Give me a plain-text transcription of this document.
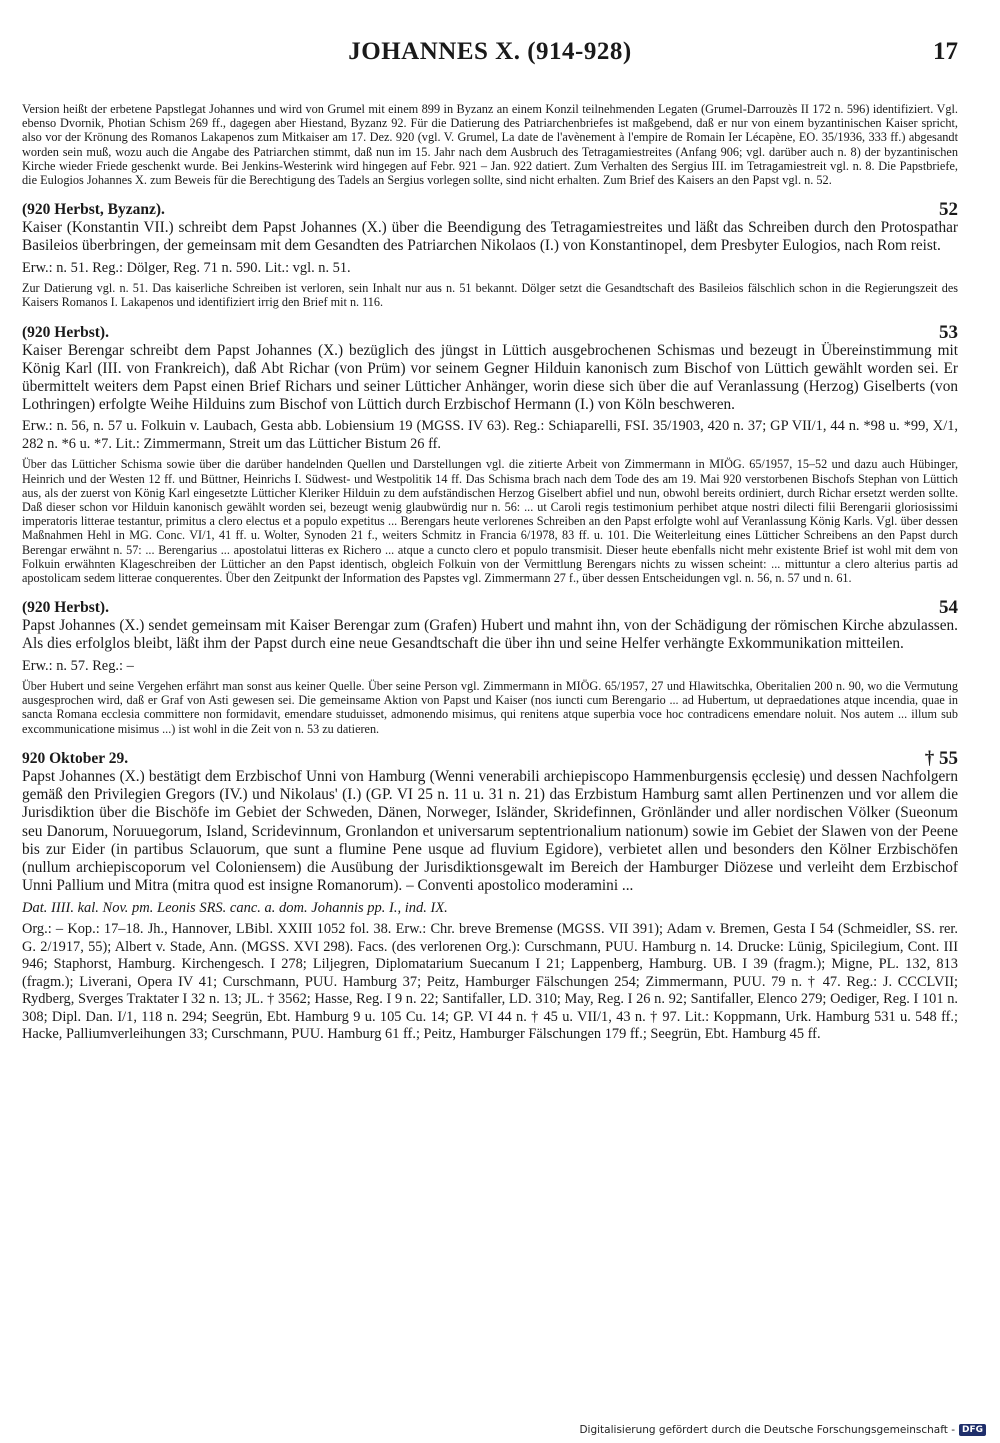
JOHANNES X. (914-928)	17
Version heißt der erbetene Papstlegat Johannes und wird von Grumel mit einem 899 in Byzanz an einem Konzil teilnehmenden Legaten (Grumel-Darrouzès II 172 n. 596) identifiziert. Vgl. ebenso Dvornik, Photian Schism 269 ff., dagegen aber Hiestand, Byzanz 92. Für die Datierung des Patriarchenbriefes ist maßgebend, daß er nur von einem byzantinischen Kaiser spricht, also vor der Krönung des Romanos Lakapenos zum Mitkaiser am 17. Dez. 920 (vgl. V. Grumel, La date de l'avènement à l'empire de Romain Ier Lécapène, EO. 35/1936, 333 ff.) abgesandt worden sein muß, wozu auch die Angabe des Patriarchen stimmt, daß nun im 15. Jahr nach dem Ausbruch des Tetragamiestreites (Anfang 906; vgl. darüber auch n. 8) der byzantinischen Kirche wieder Friede geschenkt wurde. Bei Jenkins-Westerink wird hingegen auf Febr. 921 – Jan. 922 datiert. Zum Verhalten des Sergius III. im Tetragamiestreit vgl. n. 8. Die Papstbriefe, die Eulogios Johannes X. zum Beweis für die Berechtigung des Tadels an Sergius vorlegen sollte, sind nicht erhalten. Zum Brief des Kaisers an den Papst vgl. n. 52.
(920 Herbst, Byzanz).	52
Kaiser (Konstantin VII.) schreibt dem Papst Johannes (X.) über die Beendigung des Tetragamiestreites und läßt das Schreiben durch den Protospathar Basileios überbringen, der gemeinsam mit dem Gesandten des Patriarchen Nikolaos (I.) von Konstantinopel, dem Presbyter Eulogios, nach Rom reist.
Erw.: n. 51. Reg.: Dölger, Reg. 71 n. 590. Lit.: vgl. n. 51.
Zur Datierung vgl. n. 51. Das kaiserliche Schreiben ist verloren, sein Inhalt nur aus n. 51 bekannt. Dölger setzt die Gesandtschaft des Basileios fälschlich schon in die Regierungszeit des Kaisers Romanos I. Lakapenos und identifiziert irrig den Brief mit n. 116.
(920 Herbst).	53
Kaiser Berengar schreibt dem Papst Johannes (X.) bezüglich des jüngst in Lüttich ausgebrochenen Schismas und bezeugt in Übereinstimmung mit König Karl (III. von Frankreich), daß Abt Richar (von Prüm) vor seinem Gegner Hilduin kanonisch zum Bischof von Lüttich gewählt worden sei. Er übermittelt weiters dem Papst einen Brief Richars und seiner Lütticher Anhänger, worin diese sich über die auf Veranlassung (Herzog) Giselberts (von Lothringen) erfolgte Weihe Hilduins zum Bischof von Lüttich durch Erzbischof Hermann (I.) von Köln beschweren.
Erw.: n. 56, n. 57 u. Folkuin v. Laubach, Gesta abb. Lobiensium 19 (MGSS. IV 63). Reg.: Schiaparelli, FSI. 35/1903, 420 n. 37; GP VII/1, 44 n. *98 u. *99, X/1, 282 n. *6 u. *7. Lit.: Zimmermann, Streit um das Lütticher Bistum 26 ff.
Über das Lütticher Schisma sowie über die darüber handelnden Quellen und Darstellungen vgl. die zitierte Arbeit von Zimmermann in MIÖG. 65/1957, 15–52 und dazu auch Hübinger, Heinrich und der Westen 12 ff. und Büttner, Heinrichs I. Südwest- und Westpolitik 14 ff. Das Schisma brach nach dem Tode des am 19. Mai 920 verstorbenen Bischofs Stephan von Lüttich aus, als der zuerst von König Karl eingesetzte Lütticher Kleriker Hilduin zu dem aufständischen Herzog Giselbert abfiel und nun, obwohl bereits ordiniert, durch Richar ersetzt werden sollte. Daß dieser schon vor Hilduin kanonisch gewählt worden sei, bezeugt wenig glaubwürdig nur n. 56: ... ut Caroli regis testimonium perhibet atque nostri dilecti filii Berengarii gloriosissimi imperatoris litterae testantur, primitus a clero electus et a populo expetitus ... Berengars heute verlorenes Schreiben an den Papst erfolgte wohl auf Veranlassung König Karls. Vgl. über dessen Maßnahmen Hehl in MG. Conc. VI/1, 41 ff. u. Wolter, Synoden 21 f., weiters Schmitz in Francia 6/1978, 83 ff. u. 101. Die Weiterleitung eines Lütticher Schreibens an den Papst durch Berengar erwähnt n. 57: ... Berengarius ... apostolatui litteras ex Richero ... atque a cuncto clero et populo transmisit. Dieser heute ebenfalls nicht mehr existente Brief ist wohl mit dem von Folkuin erwähnten Klageschreiben der Lütticher an den Papst identisch, obgleich Folkuin von der Vermittlung Berengars nichts zu wissen scheint: ... mittuntur a clero alterius partis ad apostolicam sedem litterae conquerentes. Über den Zeitpunkt der Information des Papstes vgl. Zimmermann 27 f., über dessen Entscheidungen vgl. n. 56, n. 57 und n. 61.
(920 Herbst).	54
Papst Johannes (X.) sendet gemeinsam mit Kaiser Berengar zum (Grafen) Hubert und mahnt ihn, von der Schädigung der römischen Kirche abzulassen. Als dies erfolglos bleibt, läßt ihm der Papst durch eine neue Gesandtschaft die über ihn und seine Helfer verhängte Exkommunikation mitteilen.
Erw.: n. 57. Reg.: –
Über Hubert und seine Vergehen erfährt man sonst aus keiner Quelle. Über seine Person vgl. Zimmermann in MIÖG. 65/1957, 27 und Hlawitschka, Oberitalien 200 n. 90, wo die Vermutung ausgesprochen wird, daß er Graf von Asti gewesen sei. Die gemeinsame Aktion von Papst und Kaiser (nos iuncti cum Berengario ... ad Hubertum, ut depraedationes atque incendia, quae in sancta Romana ecclesia committere non formidavit, emendare studuisset, admonendo misimus, qui renitens atque superbia voce hoc contradicens emendare noluit. Nos autem ... illum sub excommunicatione misimus ...) ist wohl in die Zeit von n. 53 zu datieren.
920 Oktober 29.	† 55
Papst Johannes (X.) bestätigt dem Erzbischof Unni von Hamburg (Wenni venerabili archiepiscopo Hammenburgensis ęcclesię) und dessen Nachfolgern gemäß den Privilegien Gregors (IV.) und Nikolaus' (I.) (GP. VI 25 n. 11 u. 31 n. 21) das Erzbistum Hamburg samt allen Pertinenzen und vor allem die Jurisdiktion über die Bischöfe im Gebiet der Schweden, Dänen, Norweger, Isländer, Skridefinnen, Grönländer und aller nordischen Völker (Sueonum seu Danorum, Noruuegorum, Island, Scridevinnum, Gronlandon et universarum septentrionalium nationum) sowie im Gebiet der Slawen von der Peene bis zur Eider (in partibus Sclauorum, que sunt a flumine Pene usque ad fluvium Egidore), verbietet allen und besonders den Kölner Erzbischöfen (nullum archiepiscoporum vel Coloniensem) die Ausübung der Jurisdiktionsgewalt im Bereich der Hamburger Diözese und verleiht dem Erzbischof Unni Pallium und Mitra (mitra quod est insigne Romanorum). – Conventi apostolico moderamini ...
Dat. IIII. kal. Nov. pm. Leonis SRS. canc. a. dom. Johannis pp. I., ind. IX.
Org.: – Kop.: 17–18. Jh., Hannover, LBibl. XXIII 1052 fol. 38. Erw.: Chr. breve Bremense (MGSS. VII 391); Adam v. Bremen, Gesta I 54 (Schmeidler, SS. rer. G. 2/1917, 55); Albert v. Stade, Ann. (MGSS. XVI 298). Facs. (des verlorenen Org.): Curschmann, PUU. Hamburg n. 14. Drucke: Lünig, Spicilegium, Cont. III 946; Staphorst, Hamburg. Kirchengesch. I 278; Liljegren, Diplomatarium Suecanum I 21; Lappenberg, Hamburg. UB. I 39 (fragm.); Migne, PL. 132, 813 (fragm.); Liverani, Opera IV 41; Curschmann, PUU. Hamburg 37; Peitz, Hamburger Fälschungen 254; Zimmermann, PUU. 79 n. † 47. Reg.: J. CCCLVII; Rydberg, Sverges Traktater I 32 n. 13; JL. † 3562; Hasse, Reg. I 9 n. 22; Santifaller, LD. 310; May, Reg. I 26 n. 92; Santifaller, Elenco 279; Oediger, Reg. I 101 n. 308; Dipl. Dan. I/1, 118 n. 294; Seegrün, Ebt. Hamburg 9 u. 105 Cu. 14; GP. VI 44 n. † 45 u. VII/1, 43 n. † 97. Lit.: Koppmann, Urk. Hamburg 531 u. 548 ff.; Hacke, Palliumverleihungen 33; Curschmann, PUU. Hamburg 61 ff.; Peitz, Hamburger Fälschungen 179 ff.; Seegrün, Ebt. Hamburg 45 ff.
Digitalisierung gefördert durch die Deutsche Forschungsgemeinschaft - DFG
